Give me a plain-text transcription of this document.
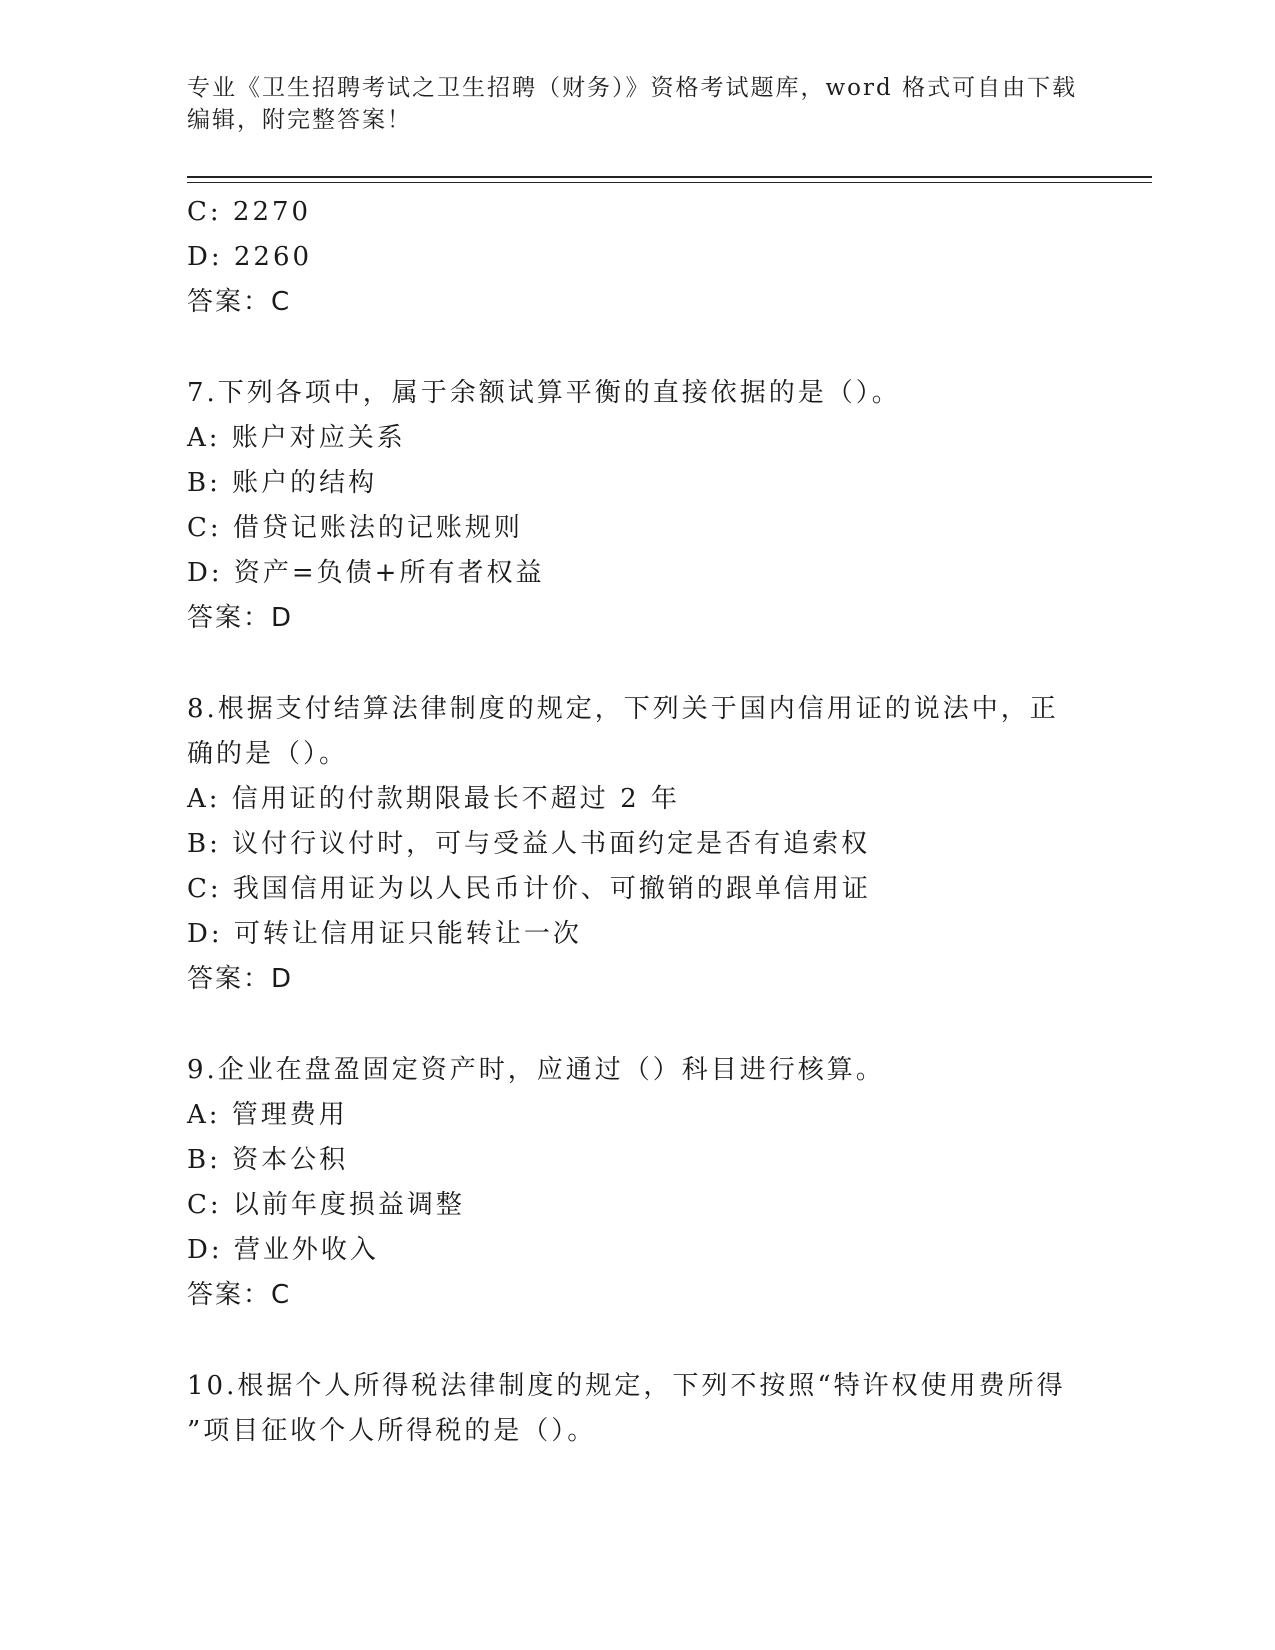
专业《卫生招聘考试之卫生招聘（财务）》资格考试题库，word 格式可自由下载
编辑，附完整答案！
C: 2270
D: 2260
答案：C
7.下列各项中，属于余额试算平衡的直接依据的是（）。
A: 账户对应关系
B: 账户的结构
C: 借贷记账法的记账规则
D: 资产=负债+所有者权益
答案：D
8.根据支付结算法律制度的规定，下列关于国内信用证的说法中，正
确的是（）。
A: 信用证的付款期限最长不超过 2 年
B: 议付行议付时，可与受益人书面约定是否有追索权
C: 我国信用证为以人民币计价、可撤销的跟单信用证
D: 可转让信用证只能转让一次
答案：D
9.企业在盘盈固定资产时，应通过（）科目进行核算。
A: 管理费用
B: 资本公积
C: 以前年度损益调整
D: 营业外收入
答案：C
10.根据个人所得税法律制度的规定，下列不按照“特许权使用费所得
”项目征收个人所得税的是（）。
